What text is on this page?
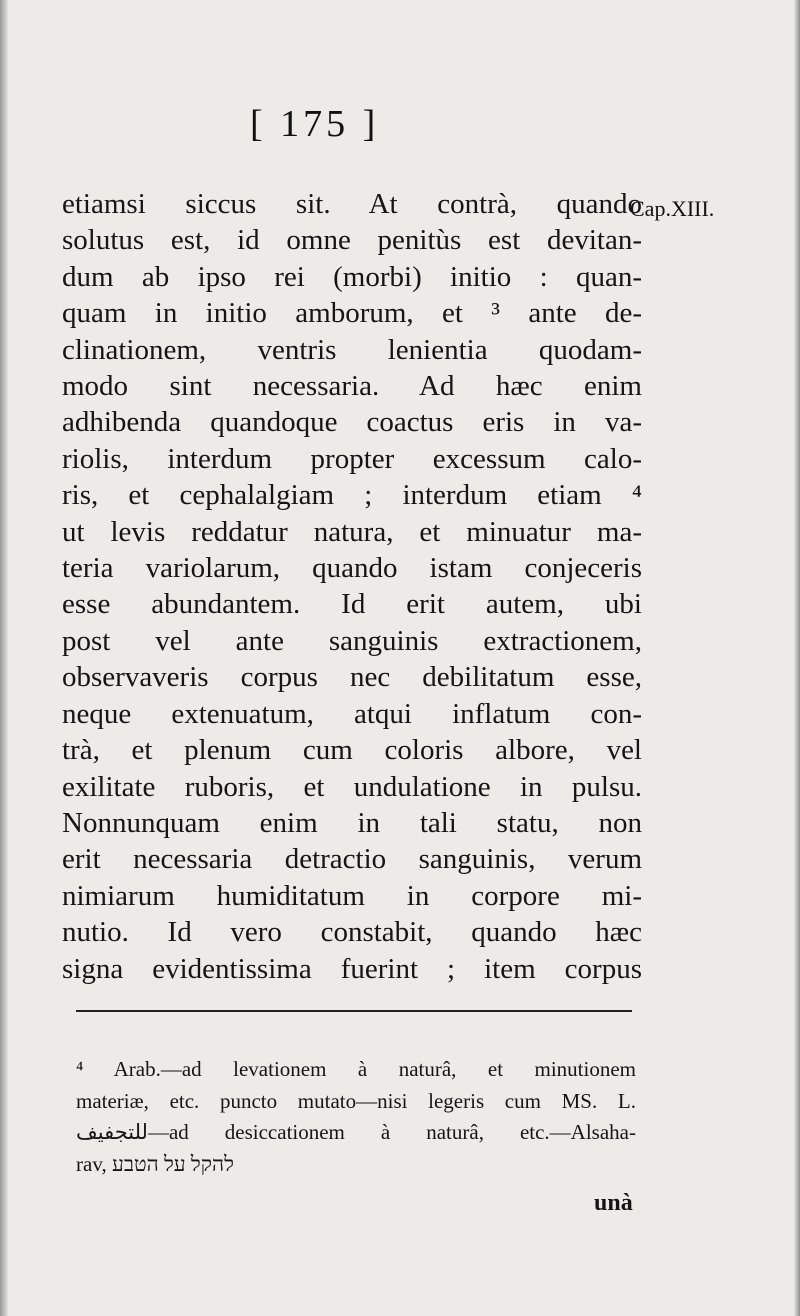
[ 175 ]
Cap.XIII.
etiamsi siccus sit. At contrà, quando
solutus est, id omne penitùs est devitan-
dum ab ipso rei (morbi) initio : quan-
quam in initio amborum, et ³ ante de-
clinationem, ventris lenientia quodam-
modo sint necessaria. Ad hæc enim
adhibenda quandoque coactus eris in va-
riolis, interdum propter excessum calo-
ris, et cephalalgiam ; interdum etiam ⁴
ut levis reddatur natura, et minuatur ma-
teria variolarum, quando istam conjeceris
esse abundantem. Id erit autem, ubi
post vel ante sanguinis extractionem,
observaveris corpus nec debilitatum esse,
neque extenuatum, atqui inflatum con-
trà, et plenum cum coloris albore, vel
exilitate ruboris, et undulatione in pulsu.
Nonnunquam enim in tali statu, non
erit necessaria detractio sanguinis, verum
nimiarum humiditatum in corpore mi-
nutio. Id vero constabit, quando hæc
signa evidentissima fuerint ; item corpus
⁴ Arab.—ad levationem à naturâ, et minutionem
materiæ, etc. puncto mutato—nisi legeris cum MS. L.
للتجفيف—ad desiccationem à naturâ, etc.—Alsaha-
rav, להקל על הטבע
unà
